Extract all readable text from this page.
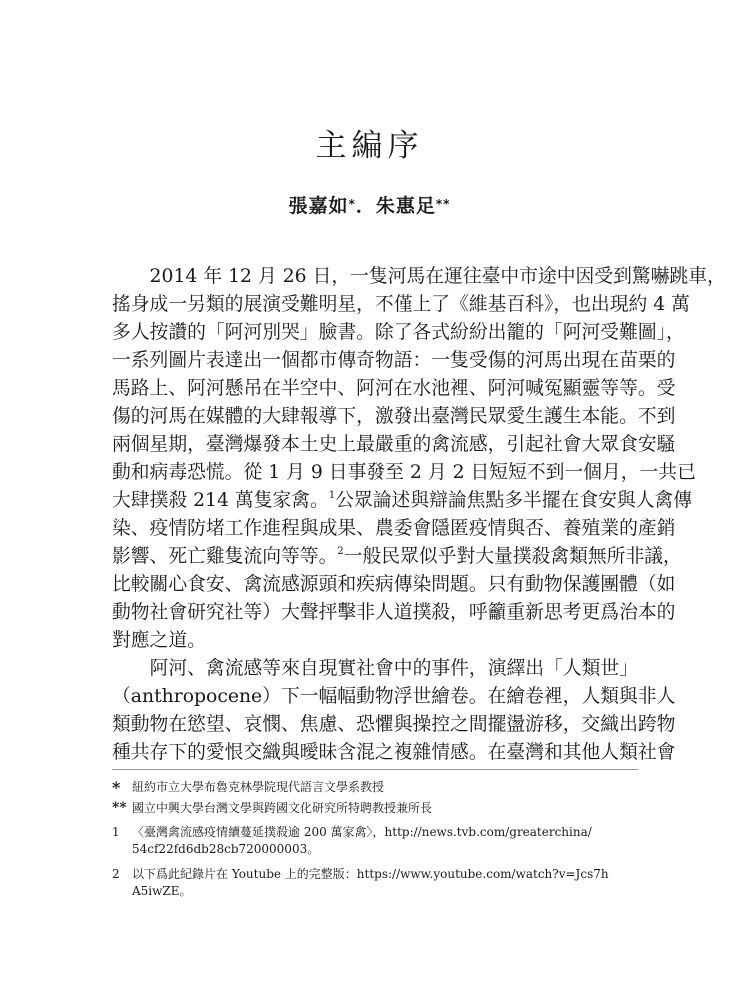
主編序
張嘉如*．朱惠足**
　　2014 年 12 月 26 日，一隻河馬在運往臺中市途中因受到驚嚇跳車，
搖身成一另類的展演受難明星，不僅上了《維基百科》，也出現約 4 萬
多人按讚的「阿河別哭」臉書。除了各式紛紛出籠的「阿河受難圖」，
一系列圖片表達出一個都市傳奇物語：一隻受傷的河馬出現在苗栗的
馬路上、阿河懸吊在半空中、阿河在水池裡、阿河喊冤顯靈等等。受
傷的河馬在媒體的大肆報導下，激發出臺灣民眾愛生護生本能。不到
兩個星期，臺灣爆發本土史上最嚴重的禽流感，引起社會大眾食安騷
動和病毒恐慌。從 1 月 9 日事發至 2 月 2 日短短不到一個月，一共已
大肆撲殺 214 萬隻家禽。$^1$公眾論述與辯論焦點多半擺在食安與人禽傳
染、疫情防堵工作進程與成果、農委會隱匿疫情與否、養殖業的產銷
影響、死亡雞隻流向等等。$^2$一般民眾似乎對大量撲殺禽類無所非議，
比較關心食安、禽流感源頭和疾病傳染問題。只有動物保護團體（如
動物社會研究社等）大聲抨擊非人道撲殺，呼籲重新思考更爲治本的
對應之道。
　　阿河、禽流感等來自現實社會中的事件，演繹出「人類世」
（anthropocene）下一幅幅動物浮世繪卷。在繪卷裡，人類與非人
類動物在慾望、哀憫、焦慮、恐懼與操控之間擺盪游移，交織出跨物
種共存下的愛恨交織與曖昧含混之複雜情感。在臺灣和其他人類社會
* 紐約市立大學布魯克林學院現代語言文學系教授
** 國立中興大學台灣文學與跨國文化研究所特聘教授兼所長
1 〈臺灣禽流感疫情續蔓延撲殺逾 200 萬家禽〉，http://news.tvb.com/greaterchina/
54cf22fd6db28cb720000003。
2 以下爲此紀錄片在 Youtube 上的完整版：https://www.youtube.com/watch?v=Jcs7h
A5iwZE。
